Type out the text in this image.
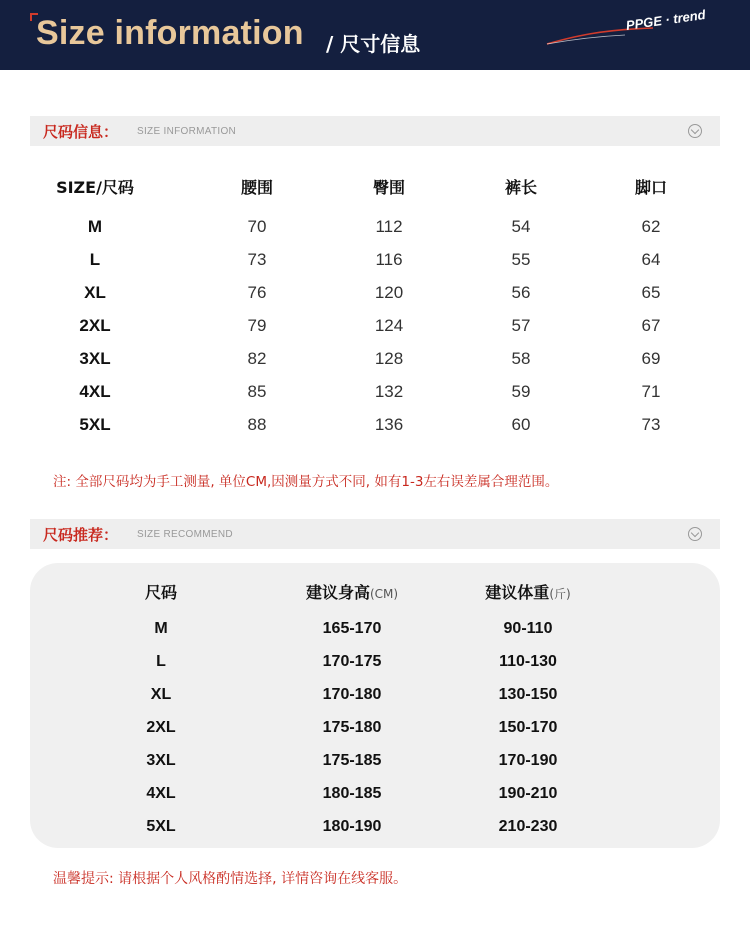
Size information / 尺寸信息
PPGE · trend
尺码信息： SIZE INFORMATION
SIZE/尺码	腰围	臀围	裤长	脚口
M	70	112	54	62
L	73	116	55	64
XL	76	120	56	65
2XL	79	124	57	67
3XL	82	128	58	69
4XL	85	132	59	71
5XL	88	136	60	73
注: 全部尺码均为手工测量, 单位CM,因测量方式不同, 如有1-3左右误差属合理范围。
尺码推荐： SIZE RECOMMEND
尺码	建议身高(CM)	建议体重(斤)
M	165-170	90-110
L	170-175	110-130
XL	170-180	130-150
2XL	175-180	150-170
3XL	175-185	170-190
4XL	180-185	190-210
5XL	180-190	210-230
温馨提示: 请根据个人风格酌情选择, 详情咨询在线客服。
